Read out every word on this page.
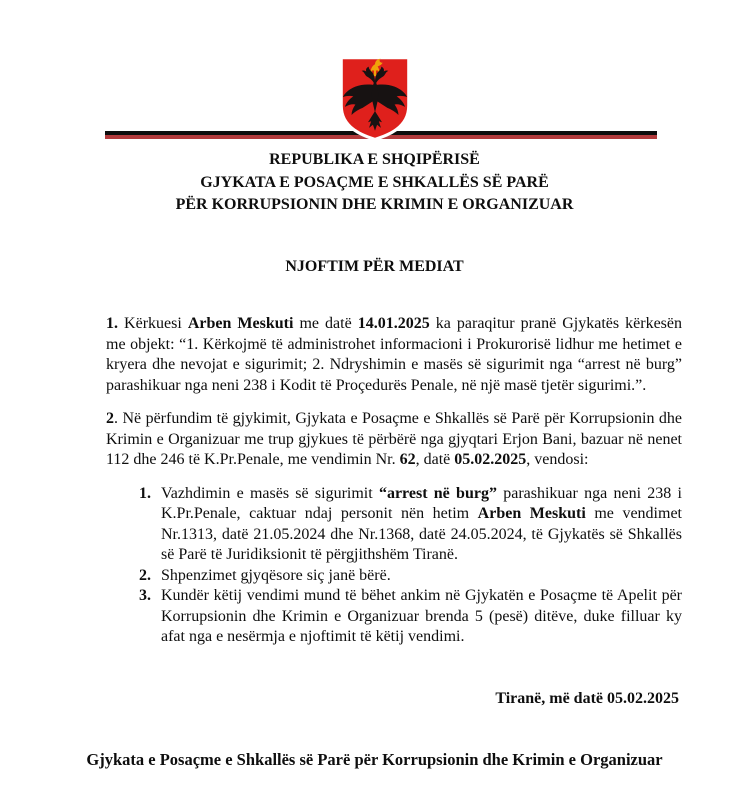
REPUBLIKA E SHQIPËRISË
GJYKATA E POSAÇME E SHKALLËS SË PARË
PËR KORRUPSIONIN DHE KRIMIN E ORGANIZUAR
NJOFTIM PËR MEDIAT

1. Kërkuesi Arben Meskuti me datë 14.01.2025 ka paraqitur pranë Gjykatës kërkesën me objekt: “1. Kërkojmë të administrohet informacioni i Prokurorisë lidhur me hetimet e kryera dhe nevojat e sigurimit; 2. Ndryshimin e masës së sigurimit nga “arrest në burg” parashikuar nga neni 238 i Kodit të Proçedurës Penale, në një masë tjetër sigurimi.”.

2. Në përfundim të gjykimit, Gjykata e Posaçme e Shkallës së Parë për Korrupsionin dhe Krimin e Organizuar me trup gjykues të përbërë nga gjyqtari Erjon Bani, bazuar në nenet 112 dhe 246 të K.Pr.Penale, me vendimin Nr. 62, datë 05.02.2025, vendosi:

1. Vazhdimin e masës së sigurimit “arrest në burg” parashikuar nga neni 238 i K.Pr.Penale, caktuar ndaj personit nën hetim Arben Meskuti me vendimet Nr.1313, datë 21.05.2024 dhe Nr.1368, datë 24.05.2024, të Gjykatës së Shkallës së Parë të Juridiksionit të përgjithshëm Tiranë.
2. Shpenzimet gjyqësore siç janë bërë.
3. Kundër këtij vendimi mund të bëhet ankim në Gjykatën e Posaçme të Apelit për Korrupsionin dhe Krimin e Organizuar brenda 5 (pesë) ditëve, duke filluar ky afat nga e nesërmja e njoftimit të këtij vendimi.
Tiranë, më datë 05.02.2025
Gjykata e Posaçme e Shkallës së Parë për Korrupsionin dhe Krimin e Organizuar
